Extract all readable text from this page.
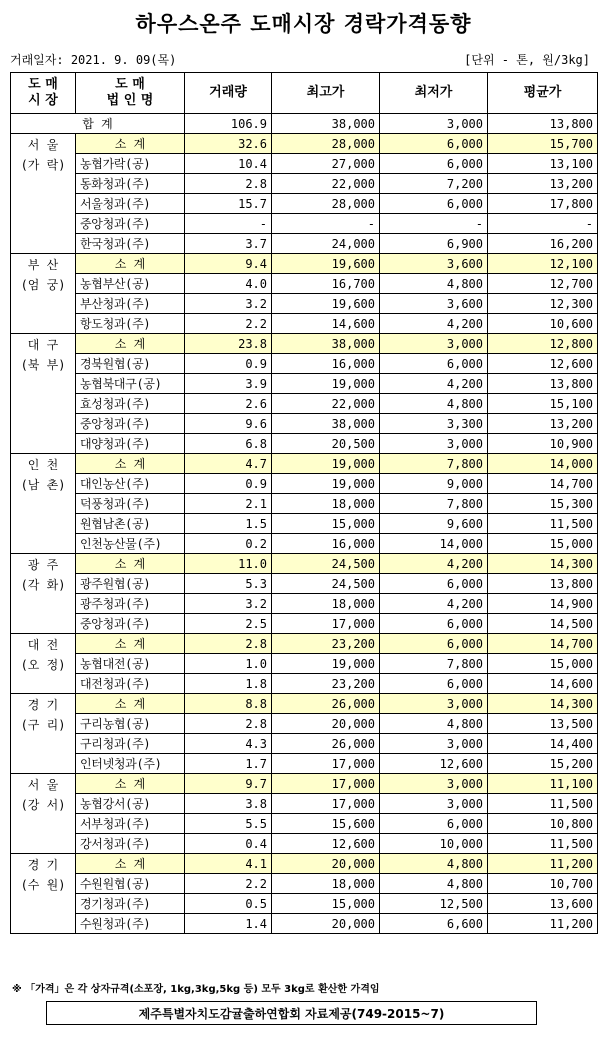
하우스온주 도매시장 경락가격동향
거래일자: 2021. 9. 09(목)	[단위 - 톤, 원/3kg]
도 매
시 장	도 매
법 인 명	거래량	최고가	최저가	평균가
합 계		106.9	38,000	3,000	13,800
서 울
(가 락)	소 계	32.6	28,000	6,000	15,700
	농협가락(공)	10.4	27,000	6,000	13,100
	동화청과(주)	2.8	22,000	7,200	13,200
	서울청과(주)	15.7	28,000	6,000	17,800
	중앙청과(주)	-	-	-	-
	한국청과(주)	3.7	24,000	6,900	16,200
부 산
(엄 궁)	소 계	9.4	19,600	3,600	12,100
	농협부산(공)	4.0	16,700	4,800	12,700
	부산청과(주)	3.2	19,600	3,600	12,300
	항도청과(주)	2.2	14,600	4,200	10,600
대 구
(북 부)	소 계	23.8	38,000	3,000	12,800
	경북원협(공)	0.9	16,000	6,000	12,600
	농협북대구(공)	3.9	19,000	4,200	13,800
	효성청과(주)	2.6	22,000	4,800	15,100
	중앙청과(주)	9.6	38,000	3,300	13,200
	대양청과(주)	6.8	20,500	3,000	10,900
인 천
(남 촌)	소 계	4.7	19,000	7,800	14,000
	대인농산(주)	0.9	19,000	9,000	14,700
	덕풍청과(주)	2.1	18,000	7,800	15,300
	원협남촌(공)	1.5	15,000	9,600	11,500
	인천농산물(주)	0.2	16,000	14,000	15,000
광 주
(각 화)	소 계	11.0	24,500	4,200	14,300
	광주원협(공)	5.3	24,500	6,000	13,800
	광주청과(주)	3.2	18,000	4,200	14,900
	중앙청과(주)	2.5	17,000	6,000	14,500
대 전
(오 정)	소 계	2.8	23,200	6,000	14,700
	농협대전(공)	1.0	19,000	7,800	15,000
	대전청과(주)	1.8	23,200	6,000	14,600
경 기
(구 리)	소 계	8.8	26,000	3,000	14,300
	구리농협(공)	2.8	20,000	4,800	13,500
	구리청과(주)	4.3	26,000	3,000	14,400
	인터넷청과(주)	1.7	17,000	12,600	15,200
서 울
(강 서)	소 계	9.7	17,000	3,000	11,100
	농협강서(공)	3.8	17,000	3,000	11,500
	서부청과(주)	5.5	15,600	6,000	10,800
	강서청과(주)	0.4	12,600	10,000	11,500
경 기
(수 원)	소 계	4.1	20,000	4,800	11,200
	수원원협(공)	2.2	18,000	4,800	10,700
	경기청과(주)	0.5	15,000	12,500	13,600
	수원청과(주)	1.4	20,000	6,600	11,200
※ 「가격」은 각 상자규격(소포장, 1kg,3kg,5kg 등) 모두 3kg로 환산한 가격임
제주특별자치도감귤출하연합회 자료제공(749-2015~7)
